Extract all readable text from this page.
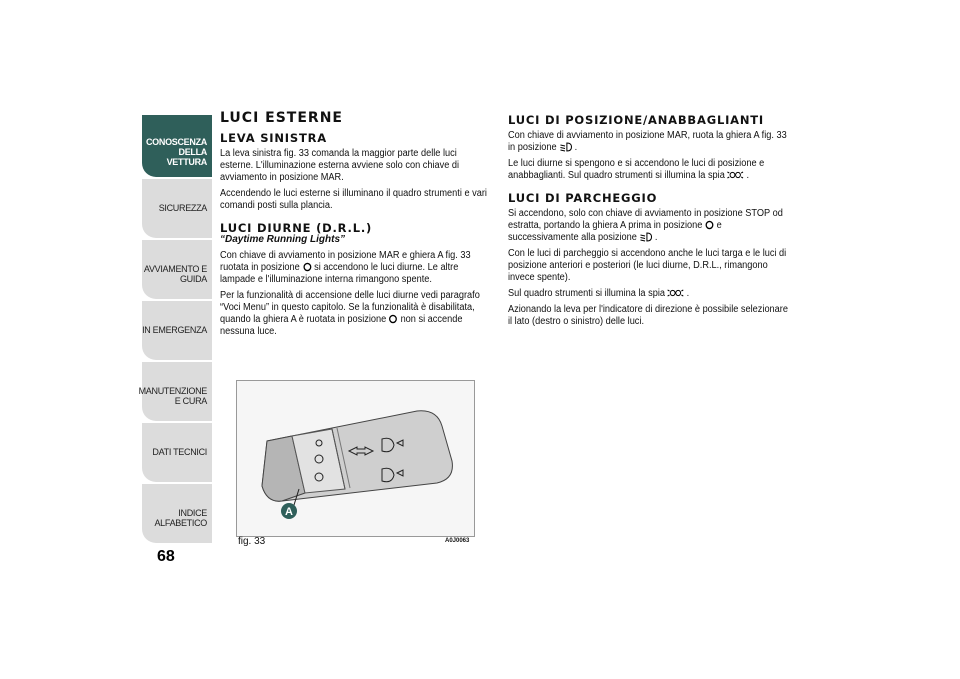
CONOSCENZA DELLA VETTURA
SICUREZZA
AVVIAMENTO E GUIDA
IN EMERGENZA
MANUTENZIONE E CURA
DATI TECNICI
INDICE ALFABETICO
68
LUCI ESTERNE
LEVA SINISTRA

La leva sinistra fig. 33 comanda la maggior parte delle luci esterne. L'illuminazione esterna avviene solo con chiave di avviamento in posizione MAR.

Accendendo le luci esterne si illuminano il quadro strumenti e vari comandi posti sulla plancia.

LUCI DIURNE (D.R.L.)
“Daytime Running Lights”

Con chiave di avviamento in posizione MAR e ghiera A fig. 33 ruotata in posizione si accendono le luci diurne. Le altre lampade e l'illuminazione interna rimangono spente.

Per la funzionalità di accensione delle luci diurne vedi paragrafo “Voci Menu” in questo capitolo. Se la funzionalità è disabilitata, quando la ghiera A è ruotata in posizione non si accende nessuna luce.

LUCI DI POSIZIONE/ANABBAGLIANTI

Con chiave di avviamento in posizione MAR, ruota la ghiera A fig. 33 in posizione .

Le luci diurne si spengono e si accendono le luci di posizione e anabbaglianti. Sul quadro strumenti si illumina la spia .

LUCI DI PARCHEGGIO

Si accendono, solo con chiave di avviamento in posizione STOP od estratta, portando la ghiera A prima in posizione e successivamente alla posizione .

Con le luci di parcheggio si accendono anche le luci targa e le luci di posizione anteriori e posteriori (le luci diurne, D.R.L., rimangono invece spente).

Sul quadro strumenti si illumina la spia .

Azionando la leva per l'indicatore di direzione è possibile selezionare il lato (destro o sinistro) delle luci.

A
fig. 33	A0J0063
